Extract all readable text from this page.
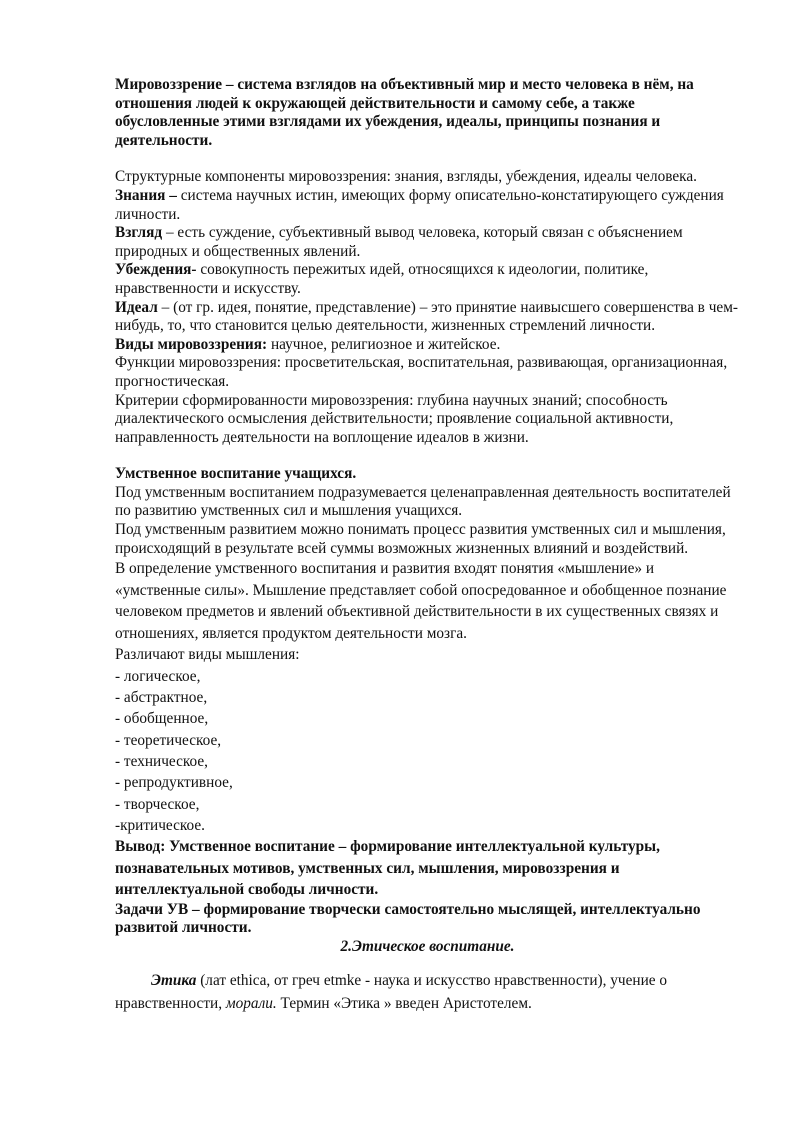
Мировоззрение – система взглядов на объективный мир и место человека в нём, на отношения людей к окружающей действительности и самому себе, а также обусловленные этими взглядами их убеждения, идеалы, принципы познания и деятельности.

Структурные компоненты мировоззрения: знания, взгляды, убеждения, идеалы человека.

Знания – система научных истин, имеющих форму описательно-констатирующего суждения личности.

Взгляд – есть суждение, субъективный вывод человека, который связан с объяснением природных и общественных явлений.

Убеждения- совокупность пережитых идей, относящихся к идеологии, политике, нравственности и искусству.

Идеал – (от гр. идея, понятие, представление) – это принятие наивысшего совершенства в чем-нибудь, то, что становится целью деятельности, жизненных стремлений личности.

Виды мировоззрения: научное, религиозное и житейское.

Функции мировоззрения: просветительская, воспитательная, развивающая, организационная, прогностическая.

Критерии сформированности мировоззрения: глубина научных знаний; способность диалектического осмысления действительности; проявление социальной активности, направленность деятельности на воплощение идеалов в жизни.

Умственное воспитание учащихся.

Под умственным воспитанием подразумевается целенаправленная деятельность воспитателей по развитию умственных сил и мышления учащихся.

Под умственным развитием можно понимать процесс развития умственных сил и мышления, происходящий в результате всей суммы возможных жизненных влияний и воздействий.

В определение умственного воспитания и развития входят понятия «мышление» и «умственные силы». Мышление представляет собой опосредованное и обобщенное познание человеком предметов и явлений объективной действительности в их существенных связях и отношениях, является продуктом деятельности мозга.

Различают виды мышления:

- логическое,

- абстрактное,

- обобщенное,

- теоретическое,

- техническое,

- репродуктивное,

- творческое,

-критическое.

Вывод: Умственное воспитание – формирование интеллектуальной культуры, познавательных мотивов, умственных сил, мышления, мировоззрения и интеллектуальной свободы личности.

Задачи УВ – формирование творчески самостоятельно мыслящей, интеллектуально развитой личности.

2.Этическое воспитание.

Этика (лат ethica, от греч etmke - наука и искусство нравственности), учение о нравственности, морали. Термин «Этика » введен Аристотелем.
